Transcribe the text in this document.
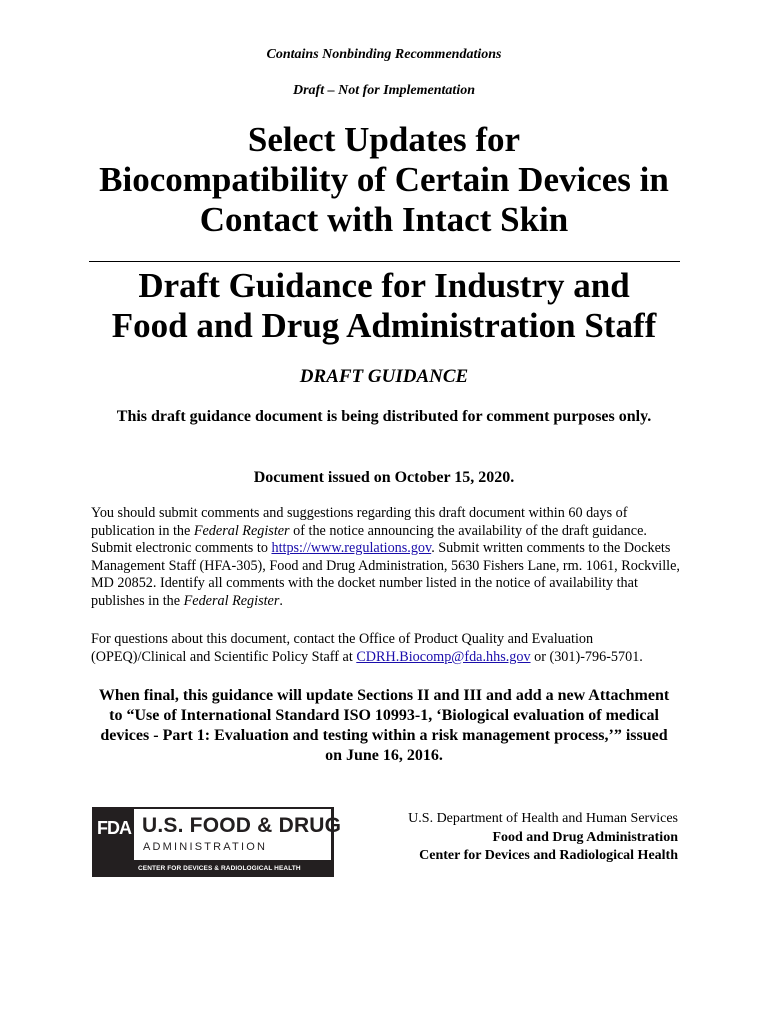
Contains Nonbinding Recommendations
Draft – Not for Implementation
Select Updates for
Biocompatibility of Certain Devices in
Contact with Intact Skin
Draft Guidance for Industry and
Food and Drug Administration Staff
DRAFT GUIDANCE
This draft guidance document is being distributed for comment purposes only.
Document issued on October 15, 2020.

You should submit comments and suggestions regarding this draft document within 60 days of publication in the Federal Register of the notice announcing the availability of the draft guidance. Submit electronic comments to https://www.regulations.gov. Submit written comments to the Dockets Management Staff (HFA-305), Food and Drug Administration, 5630 Fishers Lane, rm. 1061, Rockville, MD 20852. Identify all comments with the docket number listed in the notice of availability that publishes in the Federal Register.

For questions about this document, contact the Office of Product Quality and Evaluation (OPEQ)/Clinical and Scientific Policy Staff at CDRH.Biocomp@fda.hhs.gov or (301)-796-5701.

When final, this guidance will update Sections II and III and add a new Attachment to “Use of International Standard ISO 10993-1, ‘Biological evaluation of medical devices - Part 1: Evaluation and testing within a risk management process,’” issued on June 16, 2016.
FDA U.S. FOOD & DRUG
ADMINISTRATION
CENTER FOR DEVICES & RADIOLOGICAL HEALTH
U.S. Department of Health and Human Services
Food and Drug Administration
Center for Devices and Radiological Health
